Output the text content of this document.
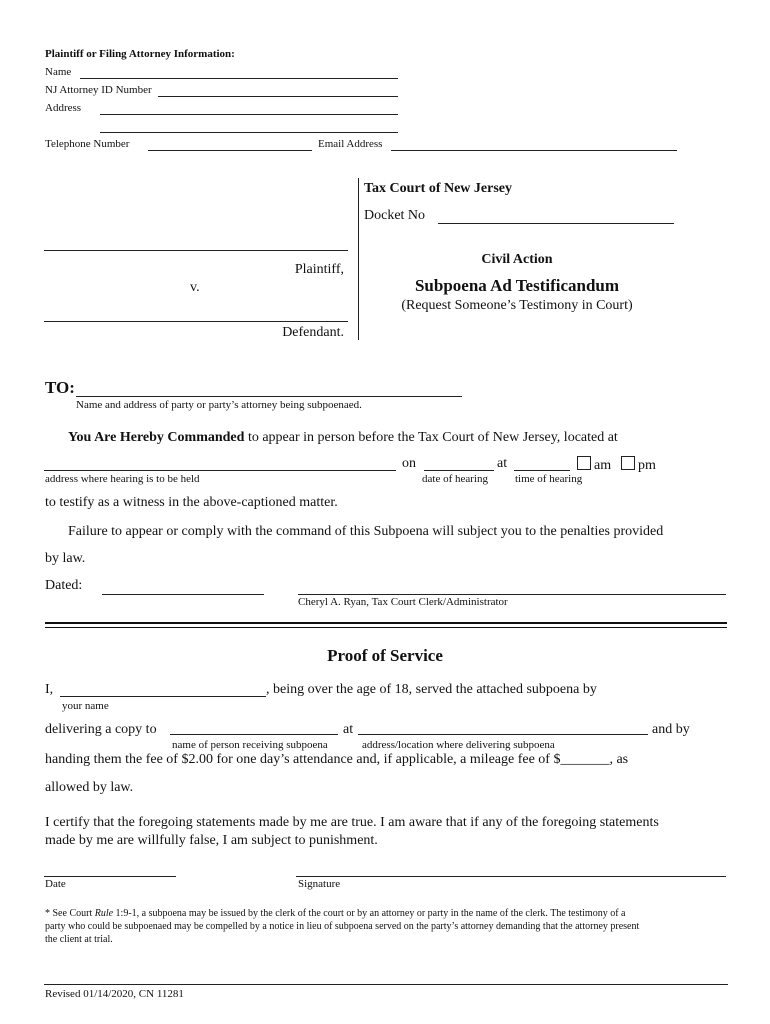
Plaintiff or Filing Attorney Information:
Name
NJ Attorney ID Number
Address
Telephone Number	Email Address
Tax Court of New Jersey
Docket No
Plaintiff,
v.
Defendant.
Civil Action
Subpoena Ad Testificandum
(Request Someone’s Testimony in Court)
TO:
Name and address of party or party’s attorney being subpoenaed.
You Are Hereby Commanded to appear in person before the Tax Court of New Jersey, located at
on	at	am	pm
address where hearing is to be held	date of hearing time of hearing
to testify as a witness in the above-captioned matter.
Failure to appear or comply with the command of this Subpoena will subject you to the penalties provided
by law.
Dated:
Cheryl A. Ryan, Tax Court Clerk/Administrator
Proof of Service
I,	, being over the age of 18, served the attached subpoena by
your name
delivering a copy to	at	and by
name of person receiving subpoena	address/location where delivering subpoena
handing them the fee of $2.00 for one day’s attendance and, if applicable, a mileage fee of $_______, as
allowed by law.
I certify that the foregoing statements made by me are true. I am aware that if any of the foregoing statements
made by me are willfully false, I am subject to punishment.
Date	Signature
* See Court Rule 1:9-1, a subpoena may be issued by the clerk of the court or by an attorney or party in the name of the clerk. The testimony of a
party who could be subpoenaed may be compelled by a notice in lieu of subpoena served on the party’s attorney demanding that the attorney present
the client at trial.
Revised 01/14/2020, CN 11281
